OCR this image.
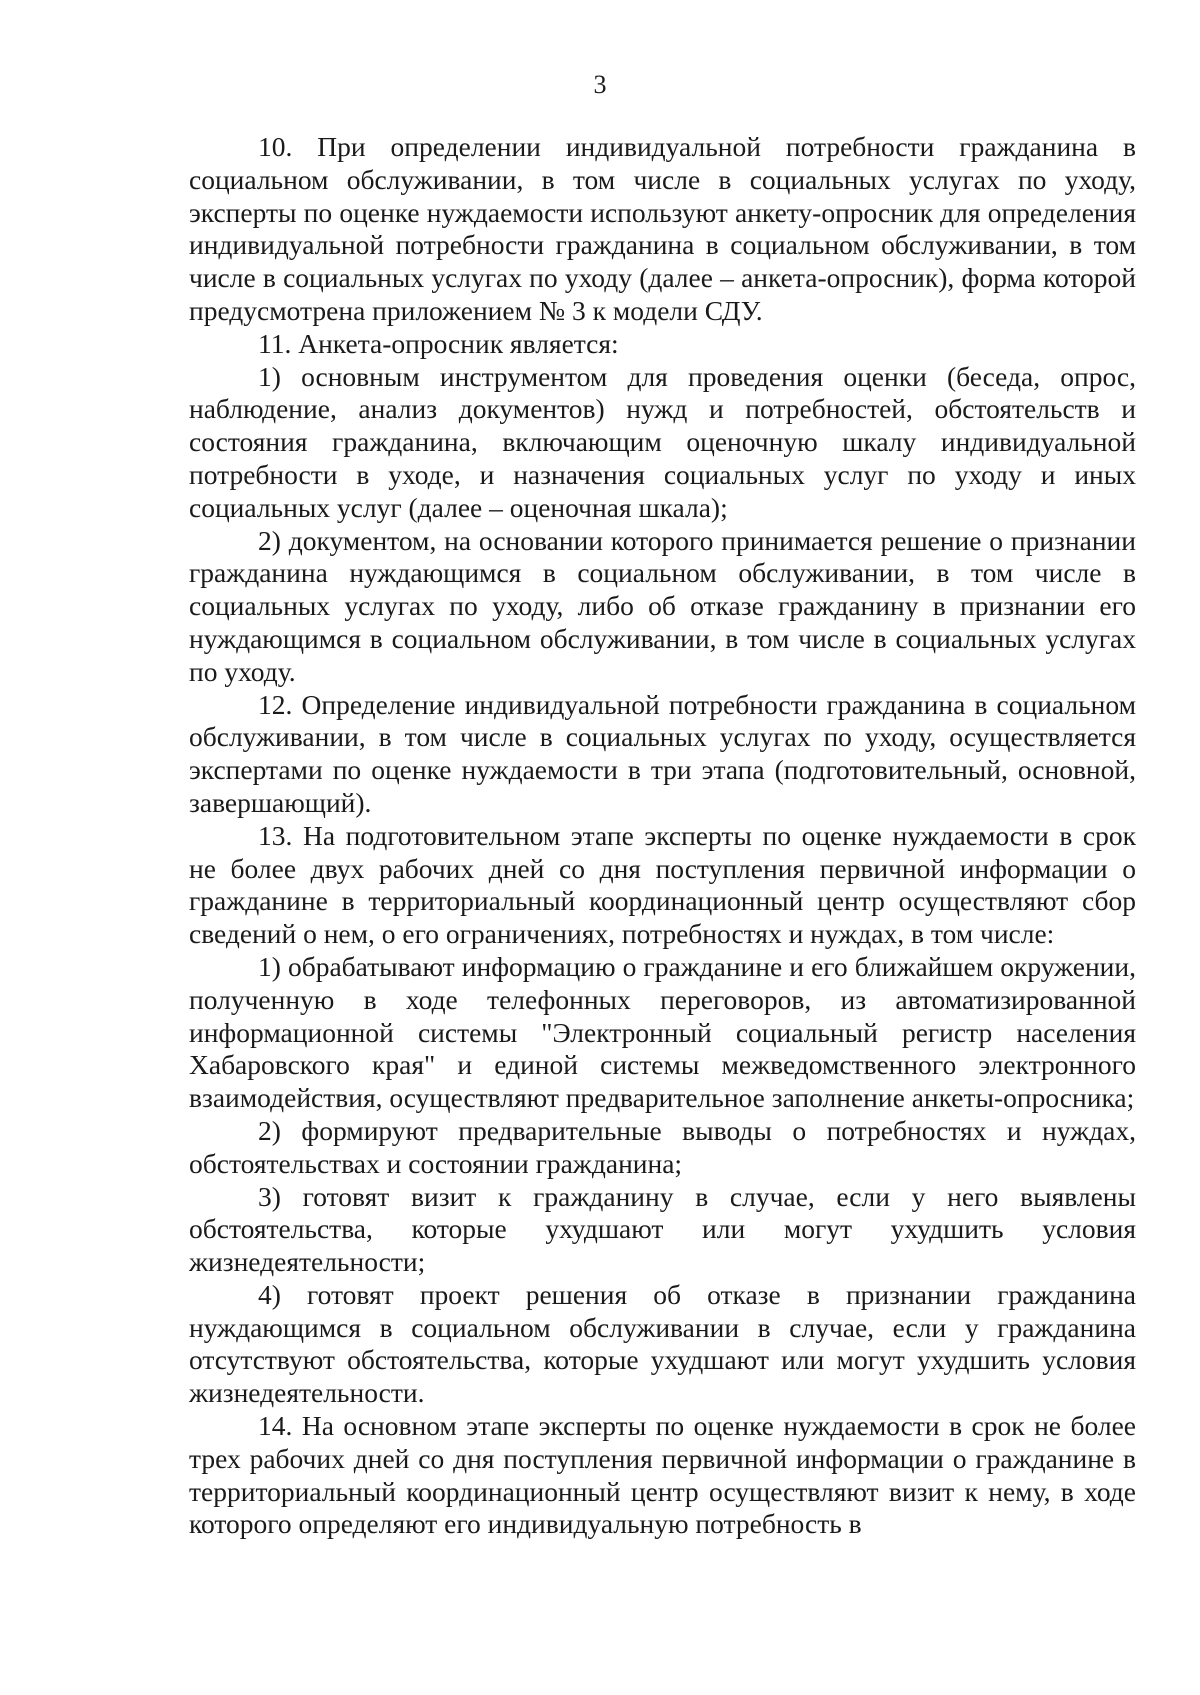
3

10. При определении индивидуальной потребности гражданина в социальном обслуживании, в том числе в социальных услугах по уходу, эксперты по оценке нуждаемости используют анкету-опросник для определения индивидуальной потребности гражданина в социальном обслуживании, в том числе в социальных услугах по уходу (далее – анкета-опросник), форма которой предусмотрена приложением № 3 к модели СДУ.

11. Анкета-опросник является:

1) основным инструментом для проведения оценки (беседа, опрос, наблюдение, анализ документов) нужд и потребностей, обстоятельств и состояния гражданина, включающим оценочную шкалу индивидуальной потребности в уходе, и назначения социальных услуг по уходу и иных социальных услуг (далее – оценочная шкала);

2) документом, на основании которого принимается решение о признании гражданина нуждающимся в социальном обслуживании, в том числе в социальных услугах по уходу, либо об отказе гражданину в признании его нуждающимся в социальном обслуживании, в том числе в социальных услугах по уходу.

12. Определение индивидуальной потребности гражданина в социальном обслуживании, в том числе в социальных услугах по уходу, осуществляется экспертами по оценке нуждаемости в три этапа (подготовительный, основной, завершающий).

13. На подготовительном этапе эксперты по оценке нуждаемости в срок не более двух рабочих дней со дня поступления первичной информации о гражданине в территориальный координационный центр осуществляют сбор сведений о нем, о его ограничениях, потребностях и нуждах, в том числе:

1) обрабатывают информацию о гражданине и его ближайшем окружении, полученную в ходе телефонных переговоров, из автоматизированной информационной системы "Электронный социальный регистр населения Хабаровского края" и единой системы межведомственного электронного взаимодействия, осуществляют предварительное заполнение анкеты-опросника;

2) формируют предварительные выводы о потребностях и нуждах, обстоятельствах и состоянии гражданина;

3) готовят визит к гражданину в случае, если у него выявлены обстоятельства, которые ухудшают или могут ухудшить условия жизнедеятельности;

4) готовят проект решения об отказе в признании гражданина нуждающимся в социальном обслуживании в случае, если у гражданина отсутствуют обстоятельства, которые ухудшают или могут ухудшить условия жизнедеятельности.

14. На основном этапе эксперты по оценке нуждаемости в срок не более трех рабочих дней со дня поступления первичной информации о гражданине в территориальный координационный центр осуществляют визит к нему, в ходе которого определяют его индивидуальную потребность в
